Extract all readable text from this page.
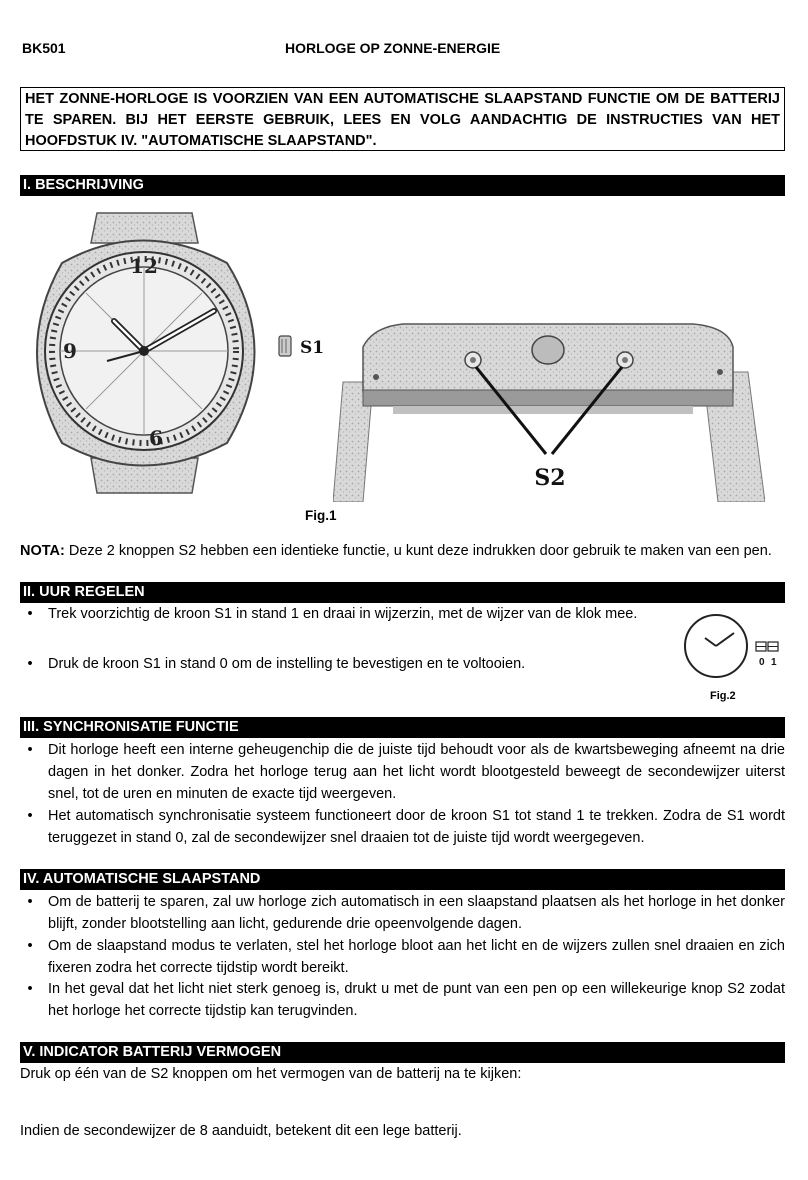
BK501	HORLOGE OP ZONNE-ENERGIE
HET ZONNE-HORLOGE IS VOORZIEN VAN EEN AUTOMATISCHE SLAAPSTAND FUNCTIE OM DE BATTERIJ TE SPAREN. BIJ HET EERSTE GEBRUIK, LEES EN VOLG AANDACHTIG DE INSTRUCTIES VAN HET HOOFDSTUK IV. "AUTOMATISCHE SLAAPSTAND".
I. BESCHRIJVING
12
9
6
S1
S2
Fig.1
NOTA: Deze 2 knoppen S2 hebben een identieke functie, u kunt deze indrukken door gebruik te maken van een pen.
II. UUR REGELEN
•	Trek voorzichtig de kroon S1 in stand 1 en draai in wijzerzin, met de wijzer van de klok mee.
•	Druk de kroon S1 in stand 0 om de instelling te bevestigen en te voltooien.	0 1
Fig.2
III. SYNCHRONISATIE FUNCTIE
•	Dit horloge heeft een interne geheugenchip die de juiste tijd behoudt voor als de kwartsbeweging afneemt na drie dagen in het donker. Zodra het horloge terug aan het licht wordt blootgesteld beweegt de secondewijzer uiterst snel, tot de uren en minuten de exacte tijd weergeven.
•	Het automatisch synchronisatie systeem functioneert door de kroon S1 tot stand 1 te trekken. Zodra de S1 wordt teruggezet in stand 0, zal de secondewijzer snel draaien tot de juiste tijd wordt weergegeven.
IV. AUTOMATISCHE SLAAPSTAND
•	Om de batterij te sparen, zal uw horloge zich automatisch in een slaapstand plaatsen als het horloge in het donker blijft, zonder blootstelling aan licht, gedurende drie opeenvolgende dagen.
•	Om de slaapstand modus te verlaten, stel het horloge bloot aan het licht en de wijzers zullen snel draaien en zich fixeren zodra het correcte tijdstip wordt bereikt.
•	In het geval dat het licht niet sterk genoeg is, drukt u met de punt van een pen op een willekeurige knop S2 zodat het horloge het correcte tijdstip kan terugvinden.
V. INDICATOR BATTERIJ VERMOGEN
Druk op één van de S2 knoppen om het vermogen van de batterij na te kijken:
Indien de secondewijzer de 8 aanduidt, betekent dit een lege batterij.
